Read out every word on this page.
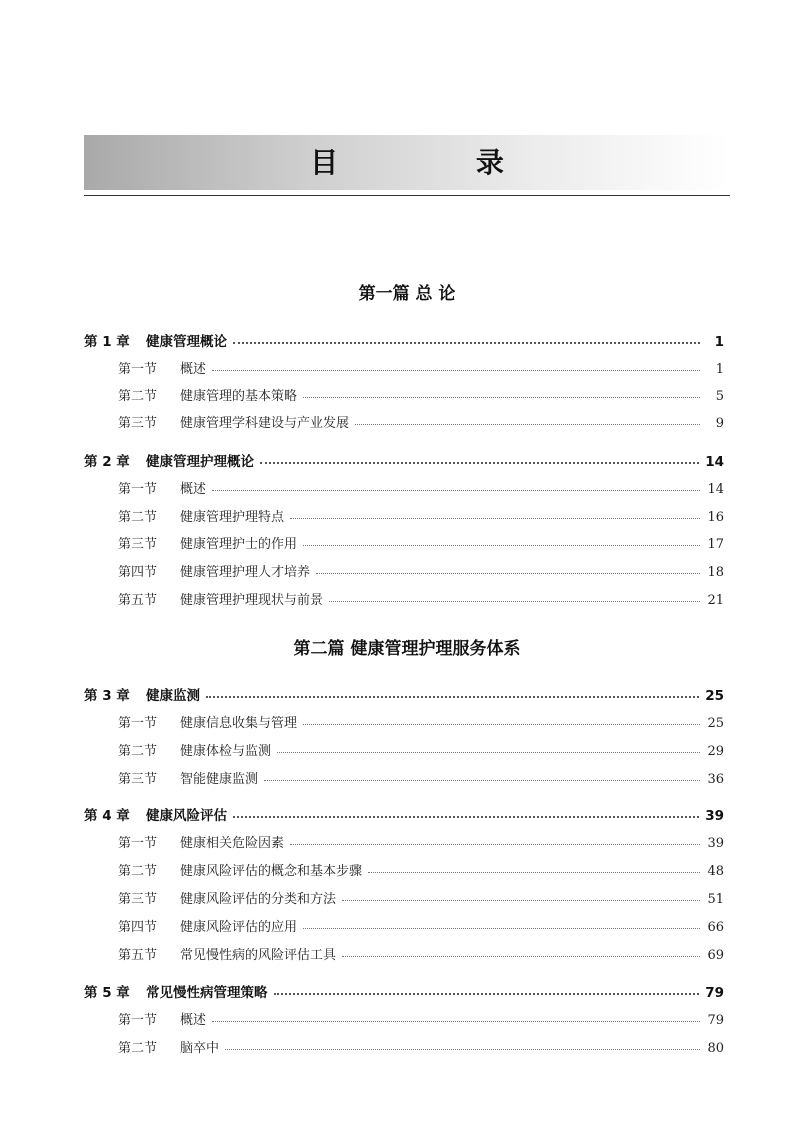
目 录
第一篇 总 论
第 1 章	健康管理概论	1
第一节	概述	1
第二节	健康管理的基本策略	5
第三节	健康管理学科建设与产业发展	9
第 2 章	健康管理护理概论	14
第一节	概述	14
第二节	健康管理护理特点	16
第三节	健康管理护士的作用	17
第四节	健康管理护理人才培养	18
第五节	健康管理护理现状与前景	21
第二篇 健康管理护理服务体系
第 3 章	健康监测	25
第一节	健康信息收集与管理	25
第二节	健康体检与监测	29
第三节	智能健康监测	36
第 4 章	健康风险评估	39
第一节	健康相关危险因素	39
第二节	健康风险评估的概念和基本步骤	48
第三节	健康风险评估的分类和方法	51
第四节	健康风险评估的应用	66
第五节	常见慢性病的风险评估工具	69
第 5 章	常见慢性病管理策略	79
第一节	概述	79
第二节	脑卒中	80
